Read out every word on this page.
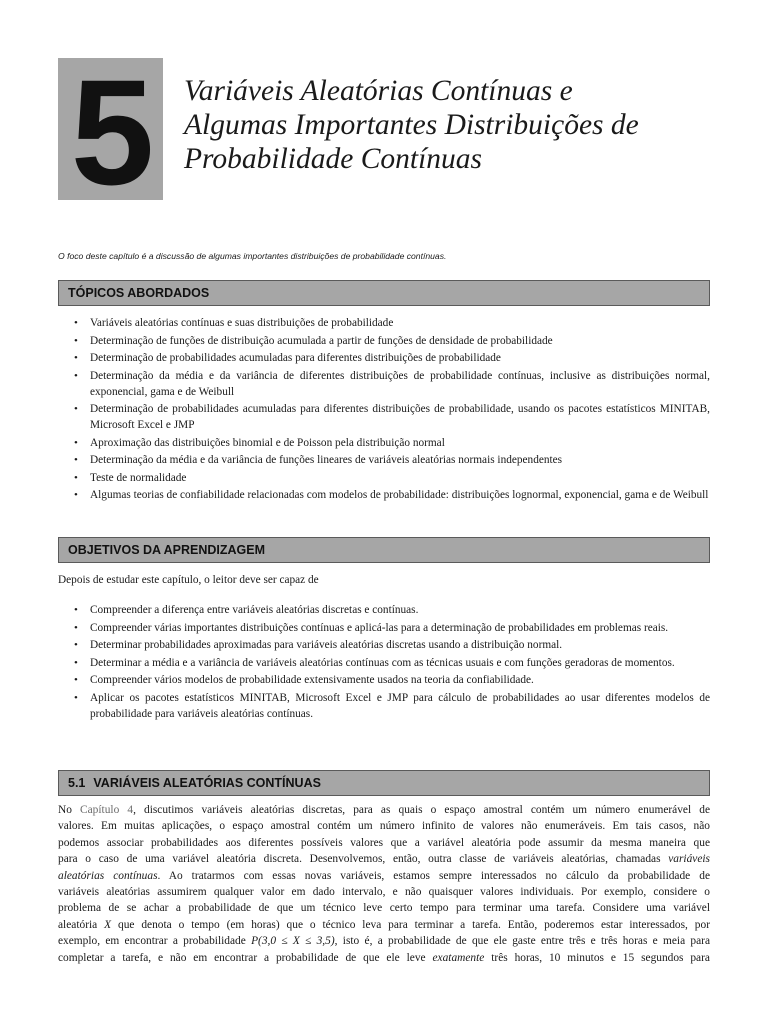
5	Variáveis Aleatórias Contínuas e
Algumas Importantes Distribuições de
Probabilidade Contínuas
O foco deste capítulo é a discussão de algumas importantes distribuições de probabilidade contínuas.
TÓPICOS ABORDADOS
• Variáveis aleatórias contínuas e suas distribuições de probabilidade
• Determinação de funções de distribuição acumulada a partir de funções de densidade de probabilidade
• Determinação de probabilidades acumuladas para diferentes distribuições de probabilidade
• Determinação da média e da variância de diferentes distribuições de probabilidade contínuas, inclusive as distribuições normal, exponencial, gama e de Weibull
• Determinação de probabilidades acumuladas para diferentes distribuições de probabilidade, usando os pacotes estatísticos MINITAB, Microsoft Excel e JMP
• Aproximação das distribuições binomial e de Poisson pela distribuição normal
• Determinação da média e da variância de funções lineares de variáveis aleatórias normais independentes
• Teste de normalidade
• Algumas teorias de confiabilidade relacionadas com modelos de probabilidade: distribuições lognormal, exponencial, gama e de Weibull
OBJETIVOS DA APRENDIZAGEM
Depois de estudar este capítulo, o leitor deve ser capaz de
• Compreender a diferença entre variáveis aleatórias discretas e contínuas.
• Compreender várias importantes distribuições contínuas e aplicá-las para a determinação de probabilidades em problemas reais.
• Determinar probabilidades aproximadas para variáveis aleatórias discretas usando a distribuição normal.
• Determinar a média e a variância de variáveis aleatórias contínuas com as técnicas usuais e com funções geradoras de momentos.
• Compreender vários modelos de probabilidade extensivamente usados na teoria da confiabilidade.
• Aplicar os pacotes estatísticos MINITAB, Microsoft Excel e JMP para cálculo de probabilidades ao usar diferentes modelos de probabilidade para variáveis aleatórias contínuas.
5.1 VARIÁVEIS ALEATÓRIAS CONTÍNUAS
No Capítulo 4, discutimos variáveis aleatórias discretas, para as quais o espaço amostral contém um número enumerável de
valores. Em muitas aplicações, o espaço amostral contém um número infinito de valores não enumeráveis. Em tais casos, não
podemos associar probabilidades aos diferentes possíveis valores que a variável aleatória pode assumir da mesma maneira que
para o caso de uma variável aleatória discreta. Desenvolvemos, então, outra classe de variáveis aleatórias, chamadas variáveis
aleatórias contínuas. Ao tratarmos com essas novas variáveis, estamos sempre interessados no cálculo da probabilidade de
variáveis aleatórias assumirem qualquer valor em dado intervalo, e não quaisquer valores individuais. Por exemplo, considere o
problema de se achar a probabilidade de que um técnico leve certo tempo para terminar uma tarefa. Considere uma variável
aleatória X que denota o tempo (em horas) que o técnico leva para terminar a tarefa. Então, poderemos estar interessados, por
exemplo, em encontrar a probabilidade P(3,0 ≤ X ≤ 3,5), isto é, a probabilidade de que ele gaste entre três e três horas e meia para
completar a tarefa, e não em encontrar a probabilidade de que ele leve exatamente três horas, 10 minutos e 15 segundos para
